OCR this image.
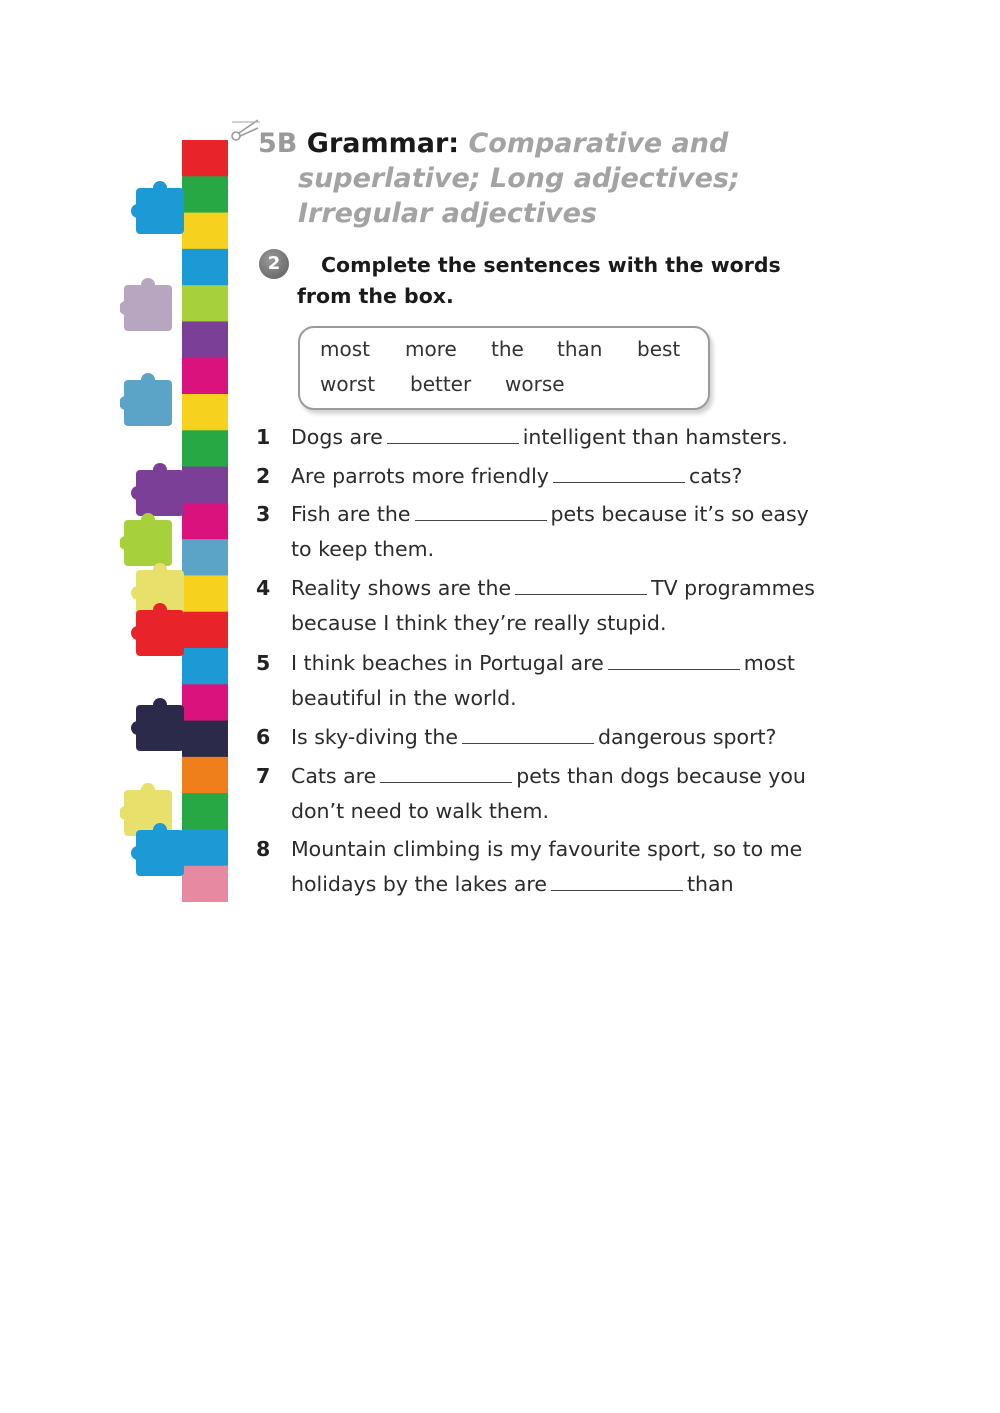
5B Grammar: Comparative and
superlative; Long adjectives;
Irregular adjectives
2	Complete the sentences with the words from the box.
most more the than best
worst better worse
1	Dogs are	intelligent than hamsters.
2	Are parrots more friendly	cats?
3	Fish are the	pets because it’s so easy
to keep them.
4	Reality shows are the	TV programmes
because I think they’re really stupid.
5	I think beaches in Portugal are	most
beautiful in the world.
6	Is sky-diving the	dangerous sport?
7	Cats are	pets than dogs because you
don’t need to walk them.
8	Mountain climbing is my favourite sport, so to me
holidays by the lakes are	than
